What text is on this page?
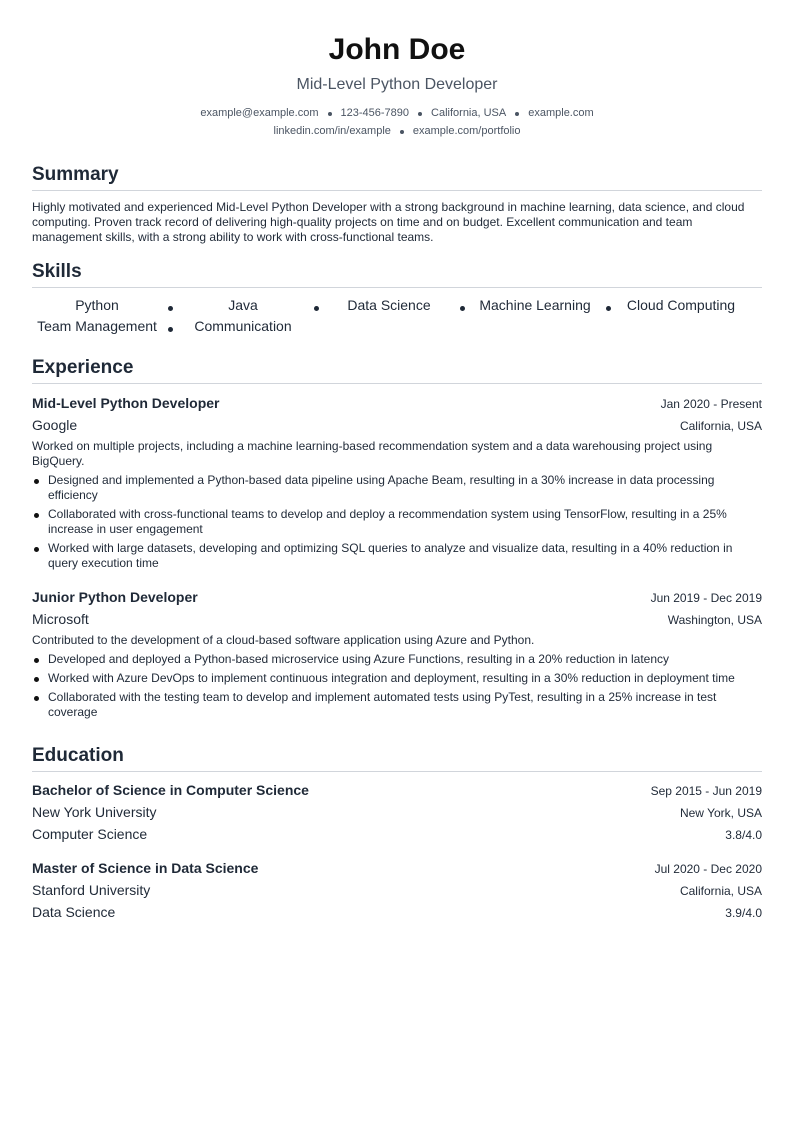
John Doe
Mid-Level Python Developer
example@example.com 123-456-7890 California, USA example.com
linkedin.com/in/example example.com/portfolio
Summary
Highly motivated and experienced Mid-Level Python Developer with a strong background in machine learning, data science, and cloud computing. Proven track record of delivering high-quality projects on time and on budget. Excellent communication and team management skills, with a strong ability to work with cross-functional teams.
Skills
Python	Java	Data Science	Machine Learning	Cloud Computing
Team Management	Communication
Experience
Mid-Level Python Developer	Jan 2020 - Present
Google	California, USA
Worked on multiple projects, including a machine learning-based recommendation system and a data warehousing project using BigQuery.
Designed and implemented a Python-based data pipeline using Apache Beam, resulting in a 30% increase in data processing efficiency
Collaborated with cross-functional teams to develop and deploy a recommendation system using TensorFlow, resulting in a 25% increase in user engagement
Worked with large datasets, developing and optimizing SQL queries to analyze and visualize data, resulting in a 40% reduction in query execution time
Junior Python Developer	Jun 2019 - Dec 2019
Microsoft	Washington, USA
Contributed to the development of a cloud-based software application using Azure and Python.
Developed and deployed a Python-based microservice using Azure Functions, resulting in a 20% reduction in latency
Worked with Azure DevOps to implement continuous integration and deployment, resulting in a 30% reduction in deployment time
Collaborated with the testing team to develop and implement automated tests using PyTest, resulting in a 25% increase in test coverage
Education
Bachelor of Science in Computer Science	Sep 2015 - Jun 2019
New York University	New York, USA
Computer Science	3.8/4.0
Master of Science in Data Science	Jul 2020 - Dec 2020
Stanford University	California, USA
Data Science	3.9/4.0
